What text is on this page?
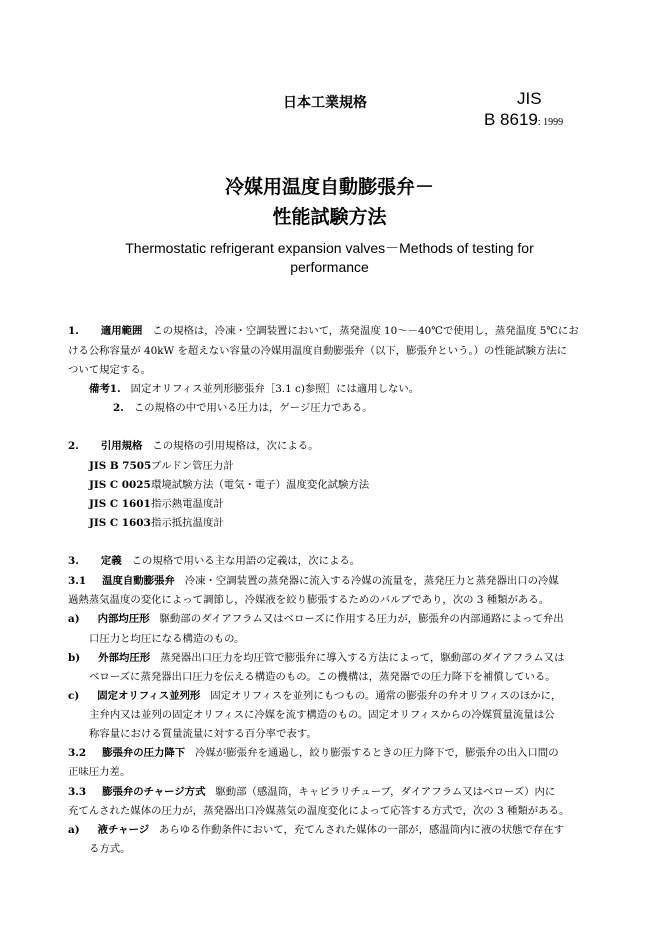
日本工業規格	JIS
B 8619: 1999
冷媒用温度自動膨張弁－
性能試験方法
Thermostatic refrigerant expansion valves－Methods of testing for
performance
1. 適用範囲 この規格は，冷凍・空調装置において，蒸発温度 10～－40℃で使用し，蒸発温度 5℃にお
ける公称容量が 40kW を超えない容量の冷媒用温度自動膨張弁（以下，膨張弁という。）の性能試験方法に
ついて規定する。
備考1. 固定オリフィス並列形膨張弁［3.1 c)参照］には適用しない。
2. この規格の中で用いる圧力は，ゲージ圧力である。
2. 引用規格 この規格の引用規格は，次による。
JIS B 7505ブルドン管圧力計
JIS C 0025環境試験方法（電気・電子）温度変化試験方法
JIS C 1601指示熱電温度計
JIS C 1603指示抵抗温度計
3. 定義 この規格で用いる主な用語の定義は，次による。
3.1 温度自動膨張弁 冷凍・空調装置の蒸発器に流入する冷媒の流量を，蒸発圧力と蒸発器出口の冷媒
過熱蒸気温度の変化によって調節し，冷媒液を絞り膨張するためのバルブであり，次の 3 種類がある。
a) 内部均圧形 駆動部のダイアフラム又はベローズに作用する圧力が，膨張弁の内部通路によって弁出
口圧力と均圧になる構造のもの。
b) 外部均圧形 蒸発器出口圧力を均圧管で膨張弁に導入する方法によって，駆動部のダイアフラム又は
ベローズに蒸発器出口圧力を伝える構造のもの。この機構は，蒸発器での圧力降下を補償している。
c) 固定オリフィス並列形 固定オリフィスを並列にもつもの。通常の膨張弁の弁オリフィスのほかに，
主弁内又は並列の固定オリフィスに冷媒を流す構造のもの。固定オリフィスからの冷媒質量流量は公
称容量における質量流量に対する百分率で表す。
3.2 膨張弁の圧力降下 冷媒が膨張弁を通過し，絞り膨張するときの圧力降下で，膨張弁の出入口間の
正味圧力差。
3.3 膨張弁のチャージ方式 駆動部（感温筒，キャピラリチューブ，ダイアフラム又はベローズ）内に
充てんされた媒体の圧力が，蒸発器出口冷媒蒸気の温度変化によって応答する方式で，次の 3 種類がある。
a) 液チャージ あらゆる作動条件において，充てんされた媒体の一部が，感温筒内に液の状態で存在す
る方式。
